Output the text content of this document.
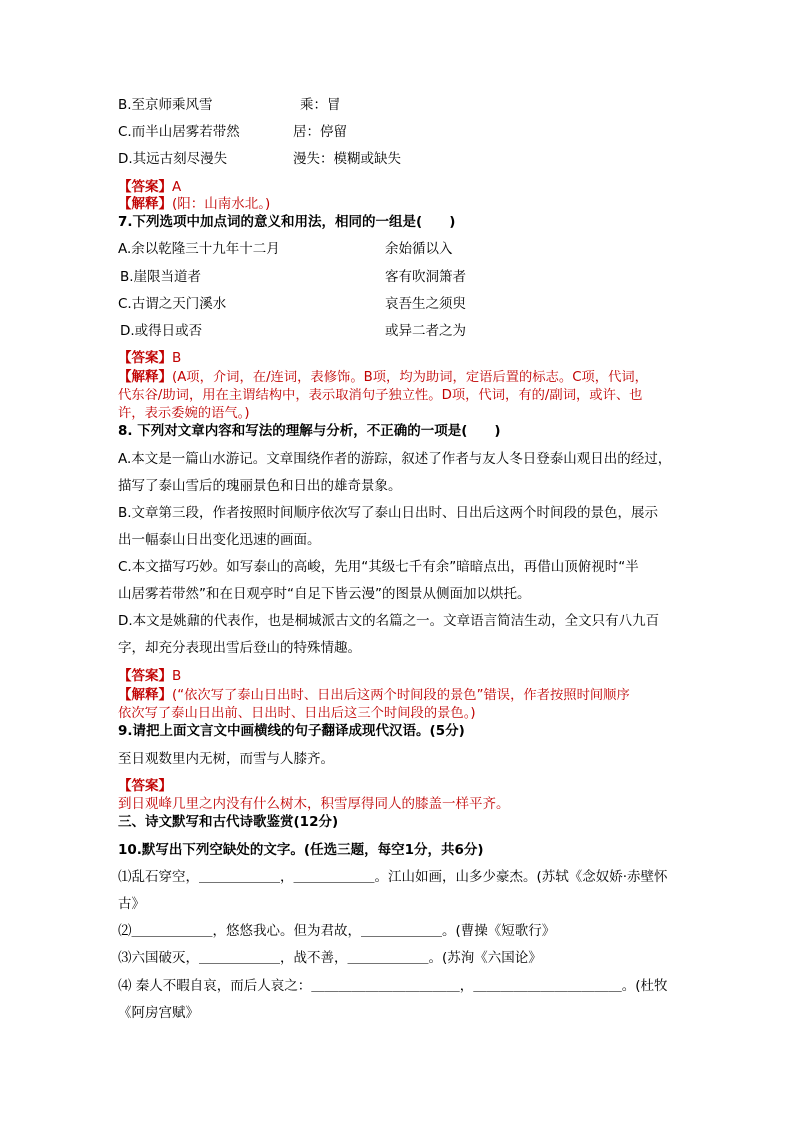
B.至京师乘风雪	乘：冒
C.而半山居雾若带然	居：停留
D.其远古刻尽漫失	漫失：模糊或缺失
【答案】A
【解释】(阳：山南水北。)
7.下列选项中加点词的意义和用法，相同的一组是(　　)
A.余以乾隆三十九年十二月	余始循以入
B.崖限当道者	客有吹洞箫者
C.古谓之天门溪水	哀吾生之须臾
D.或得日或否	或异二者之为
【答案】B
【解释】(A项，介词，在/连词，表修饰。B项，均为助词，定语后置的标志。C项，代词，
代东谷/助词，用在主谓结构中，表示取消句子独立性。D项，代词，有的/副词，或许、也
许，表示委婉的语气。)
8. 下列对文章内容和写法的理解与分析，不正确的一项是(　　)
A.本文是一篇山水游记。文章围绕作者的游踪，叙述了作者与友人冬日登泰山观日出的经过，
描写了泰山雪后的瑰丽景色和日出的雄奇景象。
B.文章第三段，作者按照时间顺序依次写了泰山日出时、日出后这两个时间段的景色，展示
出一幅泰山日出变化迅速的画面。
C.本文描写巧妙。如写泰山的高峻，先用“其级七千有余”暗暗点出，再借山顶俯视时“半
山居雾若带然”和在日观亭时“自足下皆云漫”的图景从侧面加以烘托。
D.本文是姚鼐的代表作，也是桐城派古文的名篇之一。文章语言简洁生动，全文只有八九百
字，却充分表现出雪后登山的特殊情趣。
【答案】B
【解释】(“依次写了泰山日出时、日出后这两个时间段的景色”错误，作者按照时间顺序
依次写了泰山日出前、日出时、日出后这三个时间段的景色。)
9.请把上面文言文中画横线的句子翻译成现代汉语。(5分)
至日观数里内无树，而雪与人膝齐。
【答案】
到日观峰几里之内没有什么树木，积雪厚得同人的膝盖一样平齐。
三、诗文默写和古代诗歌鉴赏(12分)
10.默写出下列空缺处的文字。(任选三题，每空1分，共6分)
⑴乱石穿空，＿＿＿＿＿＿，＿＿＿＿＿＿。江山如画，山多少豪杰。(苏轼《念奴娇·赤壁怀
古》
⑵＿＿＿＿＿＿，悠悠我心。但为君故，＿＿＿＿＿＿。(曹操《短歌行》
⑶六国破灭，＿＿＿＿＿＿，战不善，＿＿＿＿＿＿。(苏洵《六国论》
⑷ 秦人不暇自哀，而后人哀之：＿＿＿＿＿＿＿＿＿＿＿，＿＿＿＿＿＿＿＿＿＿＿。(杜牧
《阿房宫赋》
